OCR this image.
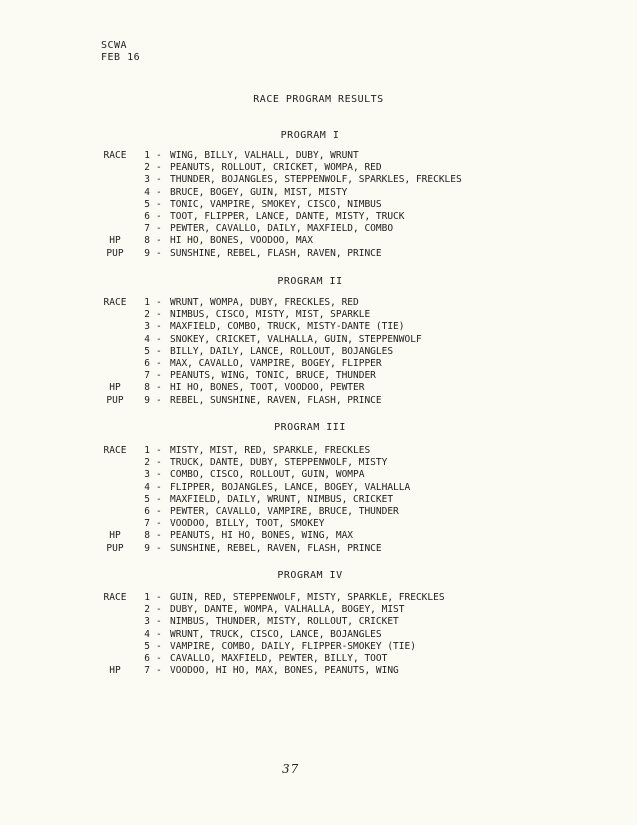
SCWA
FEB 16
RACE PROGRAM RESULTS
PROGRAM I
RACE	1 - WING, BILLY, VALHALL, DUBY, WRUNT
2 - PEANUTS, ROLLOUT, CRICKET, WOMPA, RED
3 - THUNDER, BOJANGLES, STEPPENWOLF, SPARKLES, FRECKLES
4 - BRUCE, BOGEY, GUIN, MIST, MISTY
5 - TONIC, VAMPIRE, SMOKEY, CISCO, NIMBUS
6 - TOOT, FLIPPER, LANCE, DANTE, MISTY, TRUCK
7 - PEWTER, CAVALLO, DAILY, MAXFIELD, COMBO
HP	8 - HI HO, BONES, VOODOO, MAX
PUP	9 - SUNSHINE, REBEL, FLASH, RAVEN, PRINCE
PROGRAM II
RACE	1 - WRUNT, WOMPA, DUBY, FRECKLES, RED
2 - NIMBUS, CISCO, MISTY, MIST, SPARKLE
3 - MAXFIELD, COMBO, TRUCK, MISTY-DANTE (TIE)
4 - SNOKEY, CRICKET, VALHALLA, GUIN, STEPPENWOLF
5 - BILLY, DAILY, LANCE, ROLLOUT, BOJANGLES
6 - MAX, CAVALLO, VAMPIRE, BOGEY, FLIPPER
7 - PEANUTS, WING, TONIC, BRUCE, THUNDER
HP	8 - HI HO, BONES, TOOT, VOODOO, PEWTER
PUP	9 - REBEL, SUNSHINE, RAVEN, FLASH, PRINCE
PROGRAM III
RACE	1 - MISTY, MIST, RED, SPARKLE, FRECKLES
2 - TRUCK, DANTE, DUBY, STEPPENWOLF, MISTY
3 - COMBO, CISCO, ROLLOUT, GUIN, WOMPA
4 - FLIPPER, BOJANGLES, LANCE, BOGEY, VALHALLA
5 - MAXFIELD, DAILY, WRUNT, NIMBUS, CRICKET
6 - PEWTER, CAVALLO, VAMPIRE, BRUCE, THUNDER
7 - VOODOO, BILLY, TOOT, SMOKEY
HP	8 - PEANUTS, HI HO, BONES, WING, MAX
PUP	9 - SUNSHINE, REBEL, RAVEN, FLASH, PRINCE
PROGRAM IV
RACE	1 - GUIN, RED, STEPPENWOLF, MISTY, SPARKLE, FRECKLES
2 - DUBY, DANTE, WOMPA, VALHALLA, BOGEY, MIST
3 - NIMBUS, THUNDER, MISTY, ROLLOUT, CRICKET
4 - WRUNT, TRUCK, CISCO, LANCE, BOJANGLES
5 - VAMPIRE, COMBO, DAILY, FLIPPER-SMOKEY (TIE)
6 - CAVALLO, MAXFIELD, PEWTER, BILLY, TOOT
HP	7 - VOODOO, HI HO, MAX, BONES, PEANUTS, WING
37
